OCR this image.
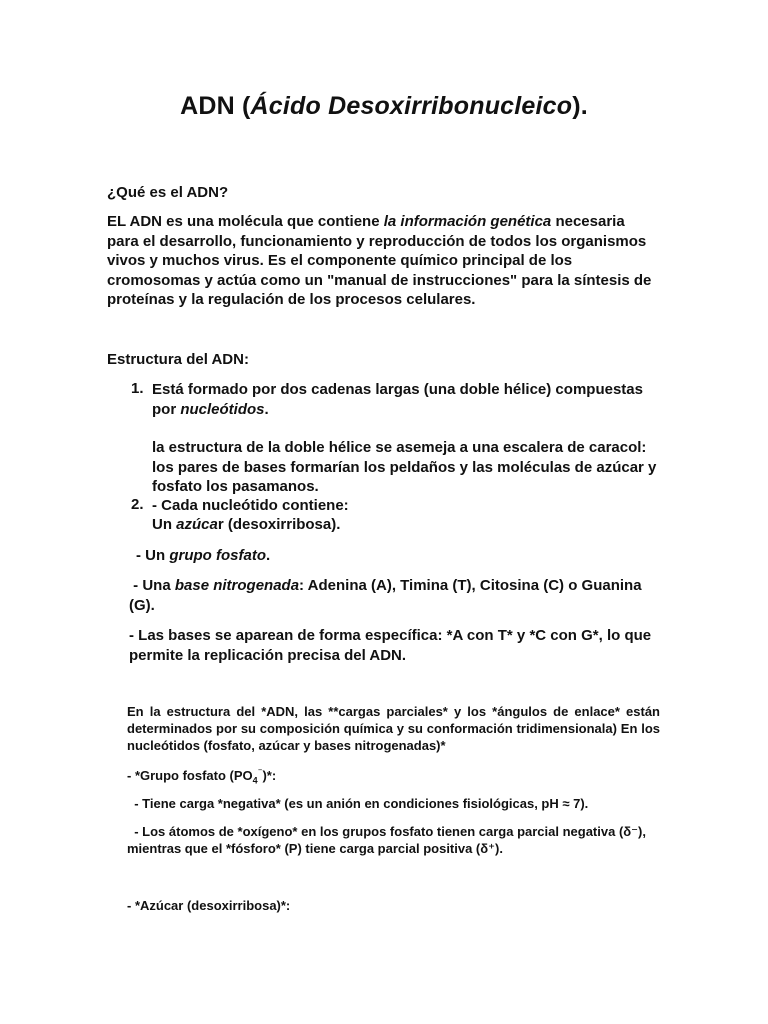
ADN (Ácido Desoxirribonucleico).

¿Qué es el ADN?

EL ADN es una molécula que contiene la información genética necesaria para el desarrollo, funcionamiento y reproducción de todos los organismos vivos y muchos virus. Es el componente químico principal de los cromosomas y actúa como un "manual de instrucciones" para la síntesis de proteínas y la regulación de los procesos celulares.

Estructura del ADN:

1. Está formado por dos cadenas largas (una doble hélice) compuestas por nucleótidos.

la estructura de la doble hélice se asemeja a una escalera de caracol: los pares de bases formarían los peldaños y las moléculas de azúcar y fosfato los pasamanos.

2. - Cada nucleótido contiene:

Un azúcar (desoxirribosa).

- Un grupo fosfato.

- Una base nitrogenada: Adenina (A), Timina (T), Citosina (C) o Guanina (G).

- Las bases se aparean de forma específica: *A con T* y *C con G*, lo que permite la replicación precisa del ADN.

En la estructura del *ADN, las **cargas parciales* y los *ángulos de enlace* están determinados por su composición química y su conformación tridimensionala) En los nucleótidos (fosfato, azúcar y bases nitrogenadas)*

- *Grupo fosfato $(PO_4^{^-})*$:

- Tiene carga *negativa* (es un anión en condiciones fisiológicas, pH ≈ 7).

- Los átomos de *oxígeno* en los grupos fosfato tienen carga parcial negativa (δ⁻), mientras que el *fósforo* (P) tiene carga parcial positiva (δ⁺).

- *Azúcar (desoxirribosa)*:
